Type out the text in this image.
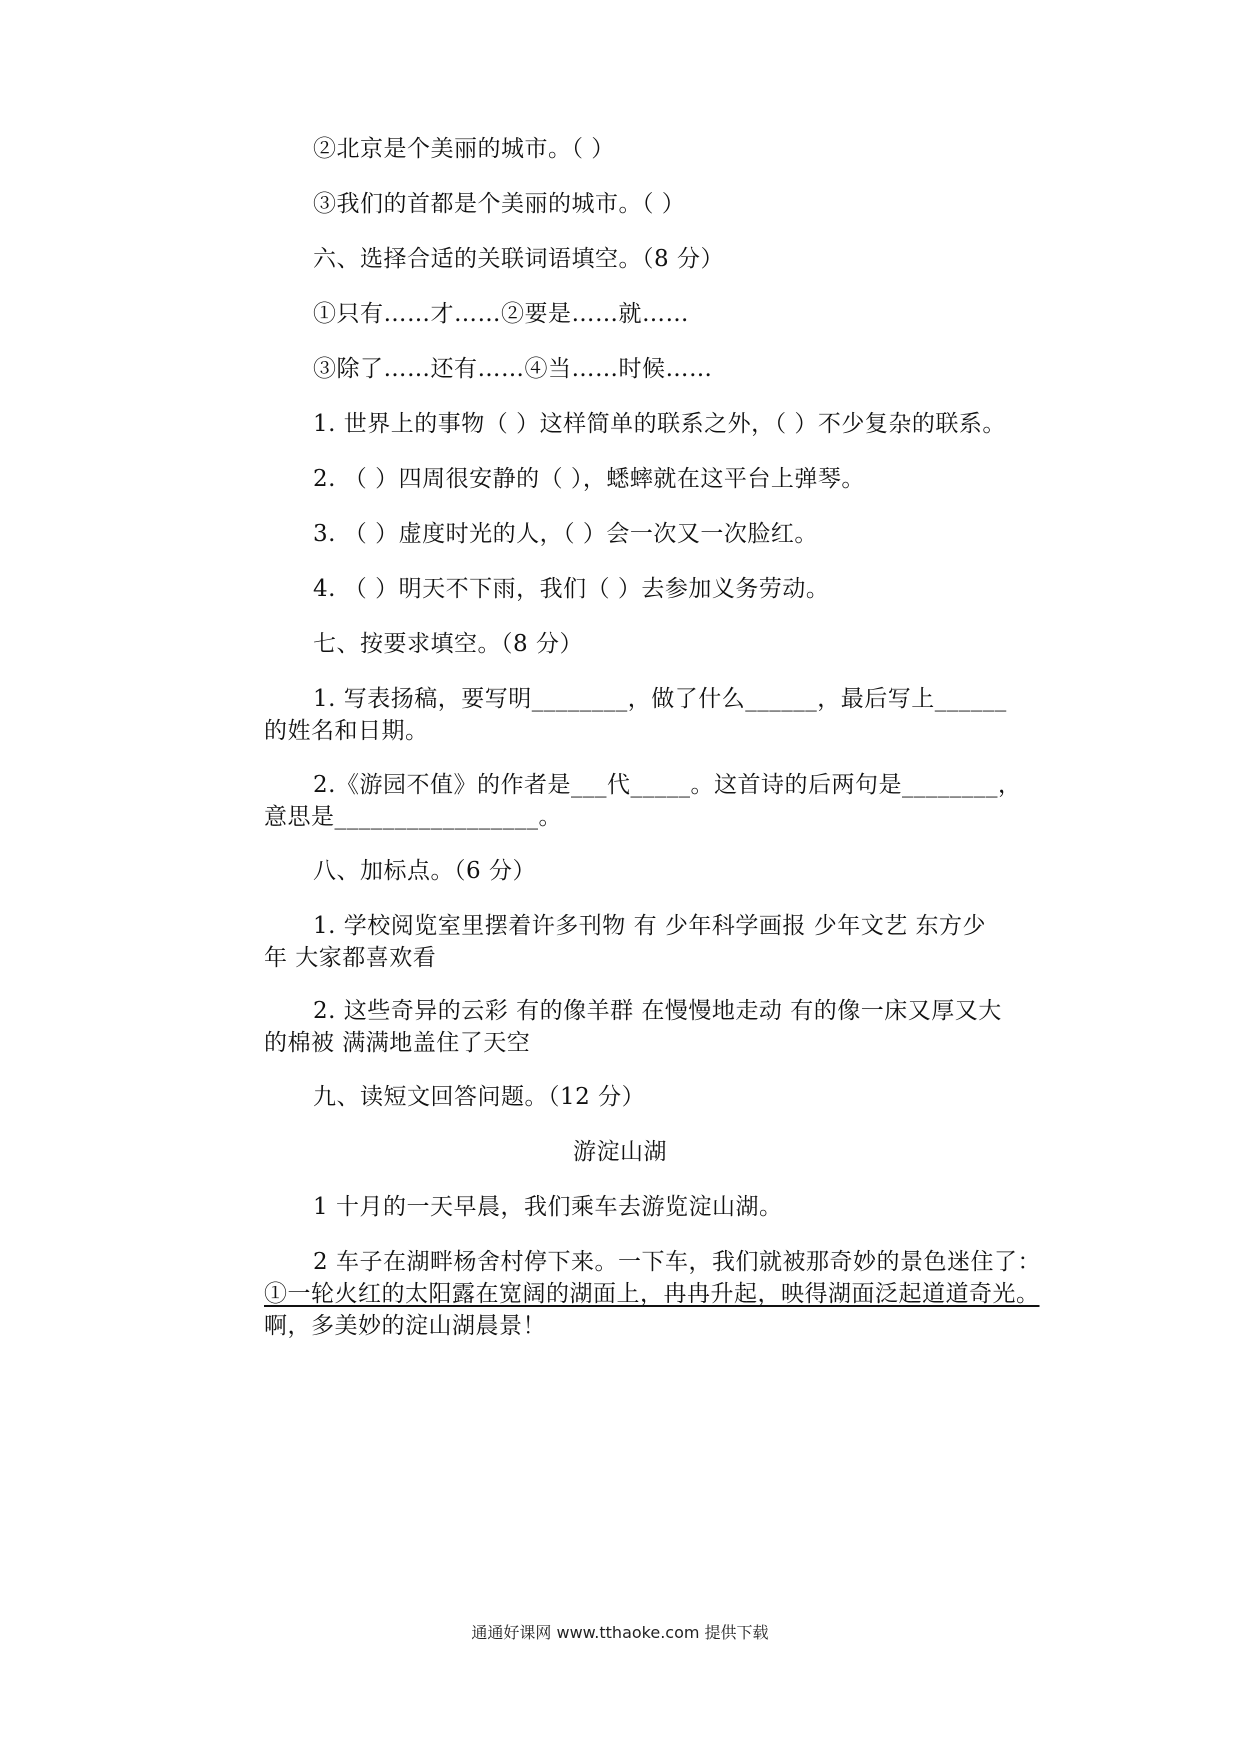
②北京是个美丽的城市。（ ）
③我们的首都是个美丽的城市。（ ）
六、选择合适的关联词语填空。（8 分）
①只有……才……②要是……就……
③除了……还有……④当……时候……
1. 世界上的事物（ ）这样简单的联系之外，（ ）不少复杂的联系。
2. （ ）四周很安静的（ ），蟋蟀就在这平台上弹琴。
3. （ ）虚度时光的人，（ ）会一次又一次脸红。
4. （ ）明天不下雨，我们（ ）去参加义务劳动。
七、按要求填空。（8 分）
1. 写表扬稿，要写明________，做了什么______，最后写上______
的姓名和日期。
2.《游园不值》的作者是___代_____。这首诗的后两句是________，
意思是_________________。
八、加标点。（6 分）
1. 学校阅览室里摆着许多刊物 有 少年科学画报 少年文艺 东方少
年 大家都喜欢看
2. 这些奇异的云彩 有的像羊群 在慢慢地走动 有的像一床又厚又大
的棉被 满满地盖住了天空
九、读短文回答问题。（12 分）
游淀山湖
1 十月的一天早晨，我们乘车去游览淀山湖。
2 车子在湖畔杨舍村停下来。一下车，我们就被那奇妙的景色迷住了：
①一轮火红的太阳露在宽阔的湖面上，冉冉升起，映得湖面泛起道道奇光。
啊，多美妙的淀山湖晨景！
通通好课网 www.tthaoke.com 提供下载
